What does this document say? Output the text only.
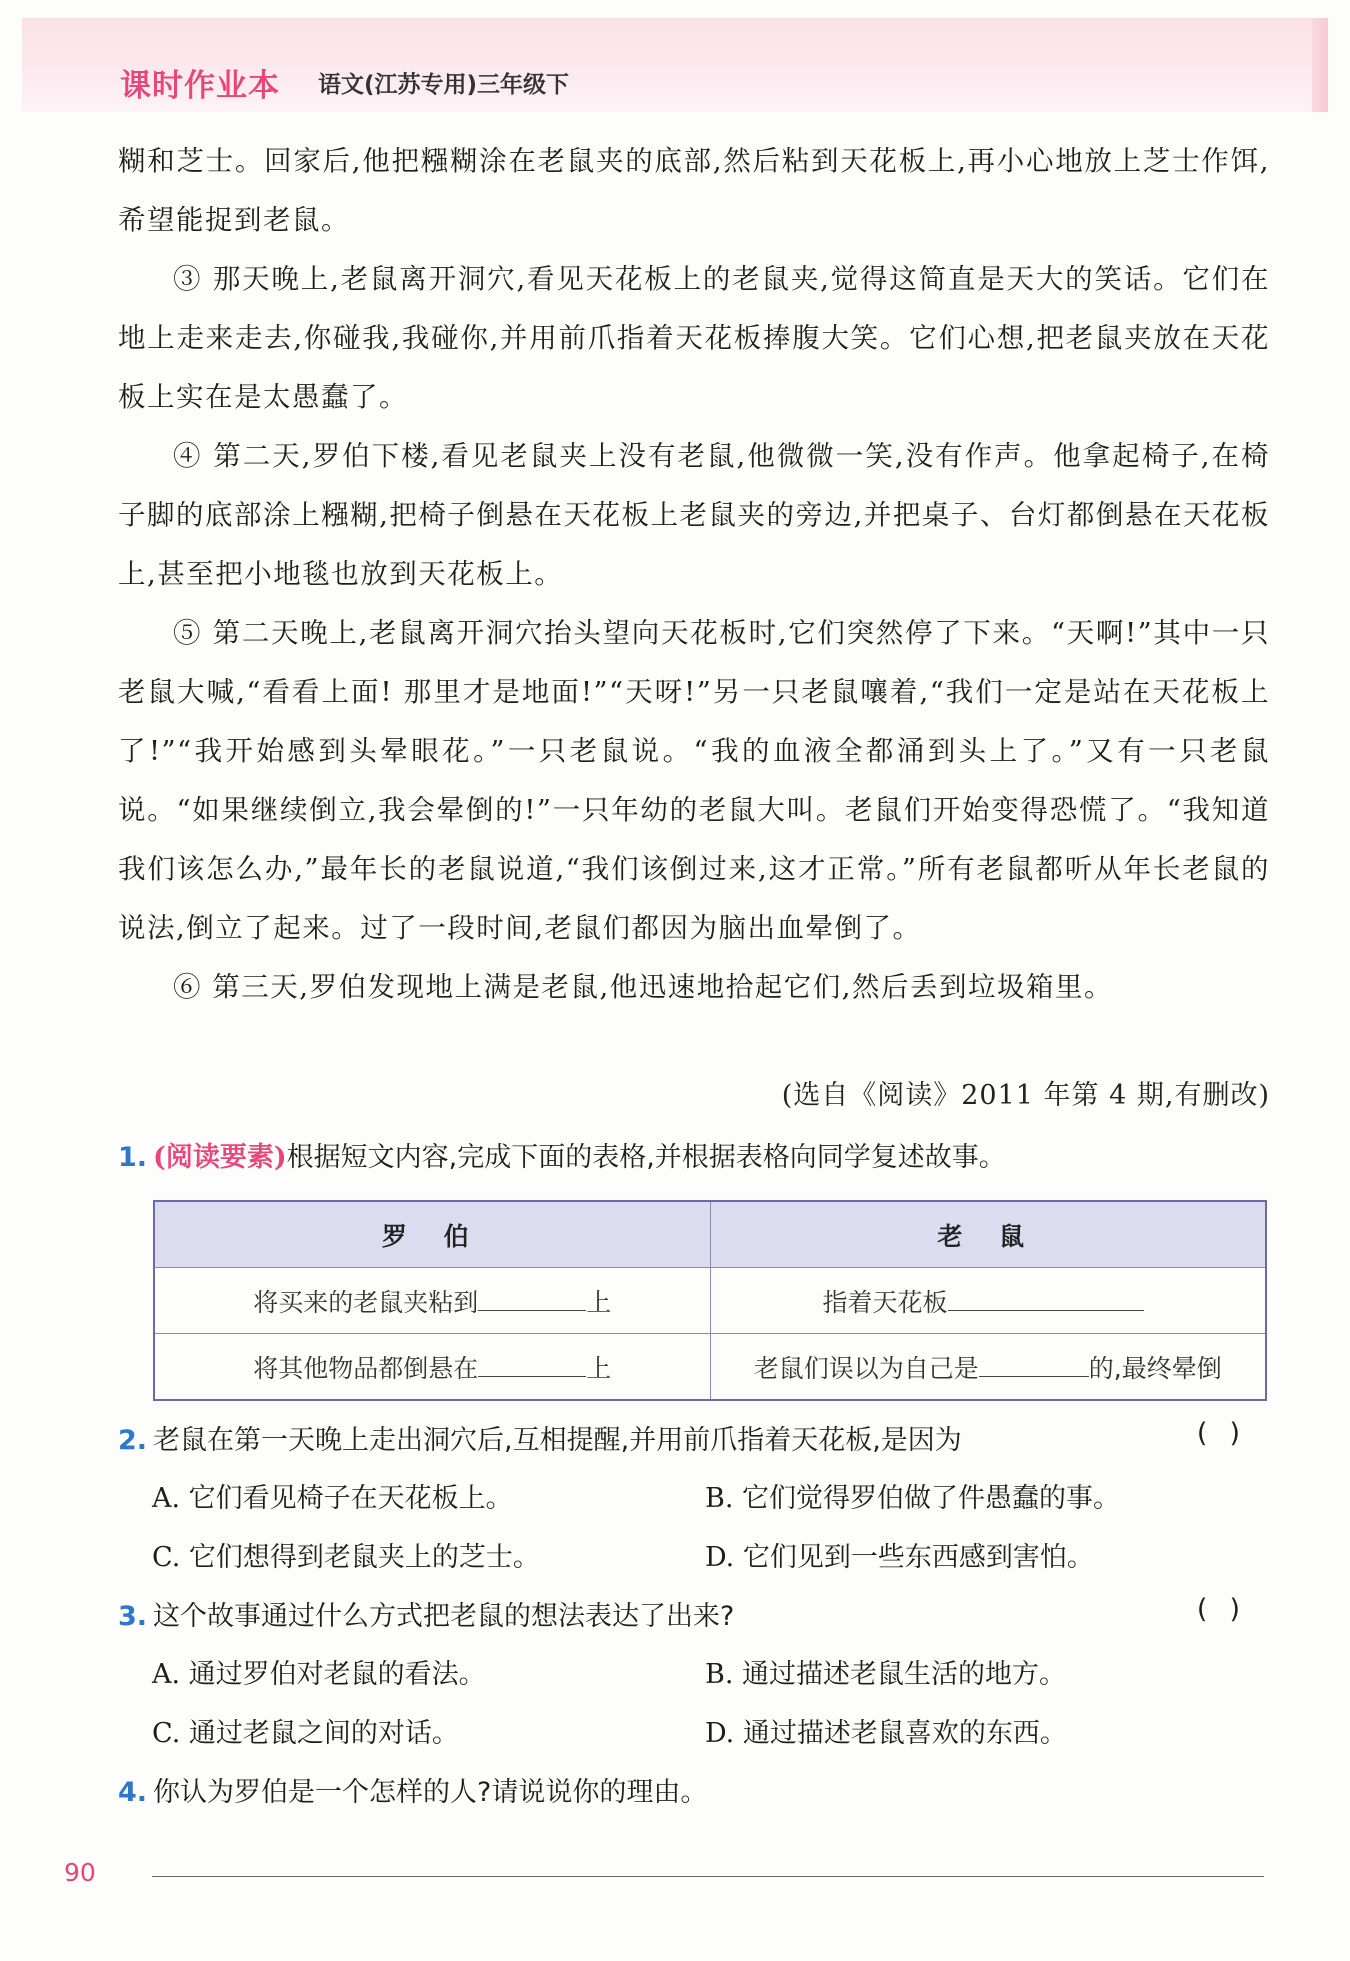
课时作业本 语文(江苏专用)三年级下

糊和芝士。回家后,他把糨糊涂在老鼠夹的底部,然后粘到天花板上,再小心地放上芝士作饵,希望能捉到老鼠。

③ 那天晚上,老鼠离开洞穴,看见天花板上的老鼠夹,觉得这简直是天大的笑话。它们在地上走来走去,你碰我,我碰你,并用前爪指着天花板捧腹大笑。它们心想,把老鼠夹放在天花板上实在是太愚蠢了。

④ 第二天,罗伯下楼,看见老鼠夹上没有老鼠,他微微一笑,没有作声。他拿起椅子,在椅子脚的底部涂上糨糊,把椅子倒悬在天花板上老鼠夹的旁边,并把桌子、台灯都倒悬在天花板上,甚至把小地毯也放到天花板上。

⑤ 第二天晚上,老鼠离开洞穴抬头望向天花板时,它们突然停了下来。“天啊!”其中一只老鼠大喊,“看看上面! 那里才是地面!”“天呀!”另一只老鼠嚷着,“我们一定是站在天花板上了!”“我开始感到头晕眼花。”一只老鼠说。“我的血液全都涌到头上了。”又有一只老鼠说。“如果继续倒立,我会晕倒的!”一只年幼的老鼠大叫。老鼠们开始变得恐慌了。“我知道我们该怎么办,”最年长的老鼠说道,“我们该倒过来,这才正常。”所有老鼠都听从年长老鼠的说法,倒立了起来。过了一段时间,老鼠们都因为脑出血晕倒了。

⑥ 第三天,罗伯发现地上满是老鼠,他迅速地拾起它们,然后丢到垃圾箱里。

(选自《阅读》2011 年第 4 期,有删改)
1. (阅读要素)根据短文内容,完成下面的表格,并根据表格向同学复述故事。
罗 伯	老 鼠
将买来的老鼠夹粘到 上	指着天花板
将其他物品都倒悬在 上	老鼠们误以为自己是 的,最终晕倒
2. 老鼠在第一天晚上走出洞穴后,互相提醒,并用前爪指着天花板,是因为	()
A. 它们看见椅子在天花板上。	B. 它们觉得罗伯做了件愚蠢的事。
C. 它们想得到老鼠夹上的芝士。	D. 它们见到一些东西感到害怕。
3. 这个故事通过什么方式把老鼠的想法表达了出来?	()
A. 通过罗伯对老鼠的看法。	B. 通过描述老鼠生活的地方。
C. 通过老鼠之间的对话。	D. 通过描述老鼠喜欢的东西。
4. 你认为罗伯是一个怎样的人?请说说你的理由。
90
